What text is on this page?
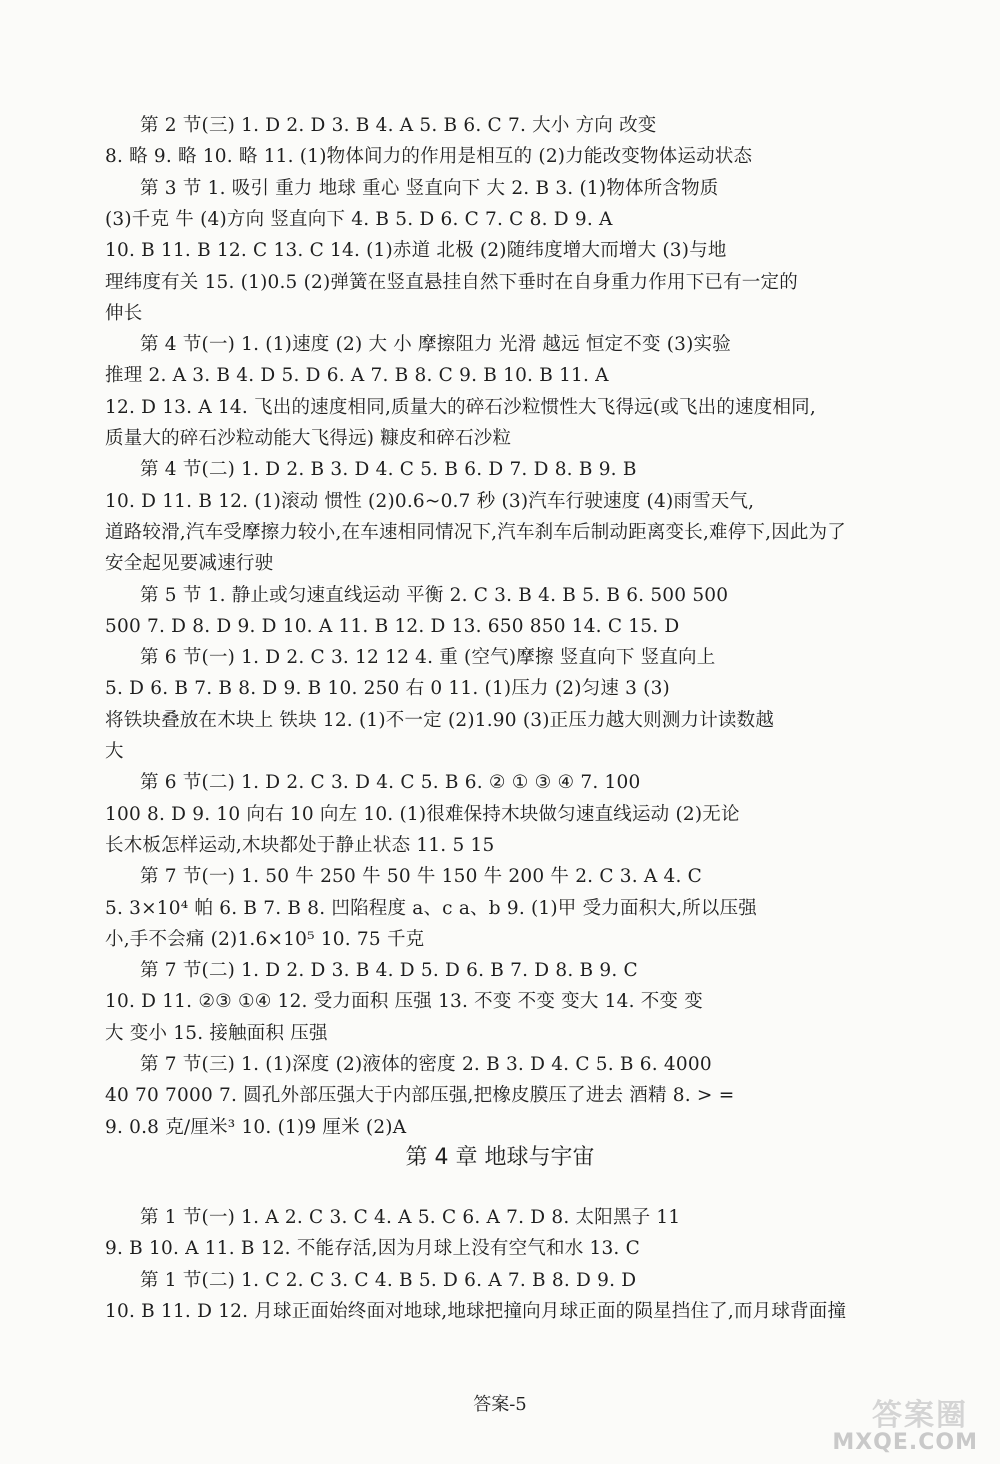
第 2 节(三) 1. D 2. D 3. B 4. A 5. B 6. C 7. 大小 方向 改变
8. 略 9. 略 10. 略 11. (1)物体间力的作用是相互的 (2)力能改变物体运动状态
第 3 节 1. 吸引 重力 地球 重心 竖直向下 大 2. B 3. (1)物体所含物质
(3)千克 牛 (4)方向 竖直向下 4. B 5. D 6. C 7. C 8. D 9. A
10. B 11. B 12. C 13. C 14. (1)赤道 北极 (2)随纬度增大而增大 (3)与地
理纬度有关 15. (1)0.5 (2)弹簧在竖直悬挂自然下垂时在自身重力作用下已有一定的
伸长
第 4 节(一) 1. (1)速度 (2) 大 小 摩擦阻力 光滑 越远 恒定不变 (3)实验
推理 2. A 3. B 4. D 5. D 6. A 7. B 8. C 9. B 10. B 11. A
12. D 13. A 14. 飞出的速度相同,质量大的碎石沙粒惯性大飞得远(或飞出的速度相同,
质量大的碎石沙粒动能大飞得远) 糠皮和碎石沙粒
第 4 节(二) 1. D 2. B 3. D 4. C 5. B 6. D 7. D 8. B 9. B
10. D 11. B 12. (1)滚动 惯性 (2)0.6~0.7 秒 (3)汽车行驶速度 (4)雨雪天气,
道路较滑,汽车受摩擦力较小,在车速相同情况下,汽车刹车后制动距离变长,难停下,因此为了
安全起见要减速行驶
第 5 节 1. 静止或匀速直线运动 平衡 2. C 3. B 4. B 5. B 6. 500 500
500 7. D 8. D 9. D 10. A 11. B 12. D 13. 650 850 14. C 15. D
第 6 节(一) 1. D 2. C 3. 12 12 4. 重 (空气)摩擦 竖直向下 竖直向上
5. D 6. B 7. B 8. D 9. B 10. 250 右 0 11. (1)压力 (2)匀速 3 (3)
将铁块叠放在木块上 铁块 12. (1)不一定 (2)1.90 (3)正压力越大则测力计读数越
大
第 6 节(二) 1. D 2. C 3. D 4. C 5. B 6. ② ① ③ ④ 7. 100
100 8. D 9. 10 向右 10 向左 10. (1)很难保持木块做匀速直线运动 (2)无论
长木板怎样运动,木块都处于静止状态 11. 5 15
第 7 节(一) 1. 50 牛 250 牛 50 牛 150 牛 200 牛 2. C 3. A 4. C
5. 3×10⁴ 帕 6. B 7. B 8. 凹陷程度 a、c a、b 9. (1)甲 受力面积大,所以压强
小,手不会痛 (2)1.6×10⁵ 10. 75 千克
第 7 节(二) 1. D 2. D 3. B 4. D 5. D 6. B 7. D 8. B 9. C
10. D 11. ②③ ①④ 12. 受力面积 压强 13. 不变 不变 变大 14. 不变 变
大 变小 15. 接触面积 压强
第 7 节(三) 1. (1)深度 (2)液体的密度 2. B 3. D 4. C 5. B 6. 4000
40 70 7000 7. 圆孔外部压强大于内部压强,把橡皮膜压了进去 酒精 8. > =
9. 0.8 克/厘米³ 10. (1)9 厘米 (2)A
第 4 章 地球与宇宙
第 1 节(一) 1. A 2. C 3. C 4. A 5. C 6. A 7. D 8. 太阳黑子 11
9. B 10. A 11. B 12. 不能存活,因为月球上没有空气和水 13. C
第 1 节(二) 1. C 2. C 3. C 4. B 5. D 6. A 7. B 8. D 9. D
10. B 11. D 12. 月球正面始终面对地球,地球把撞向月球正面的陨星挡住了,而月球背面撞
答案-5	答案圈
MXQE.COM
